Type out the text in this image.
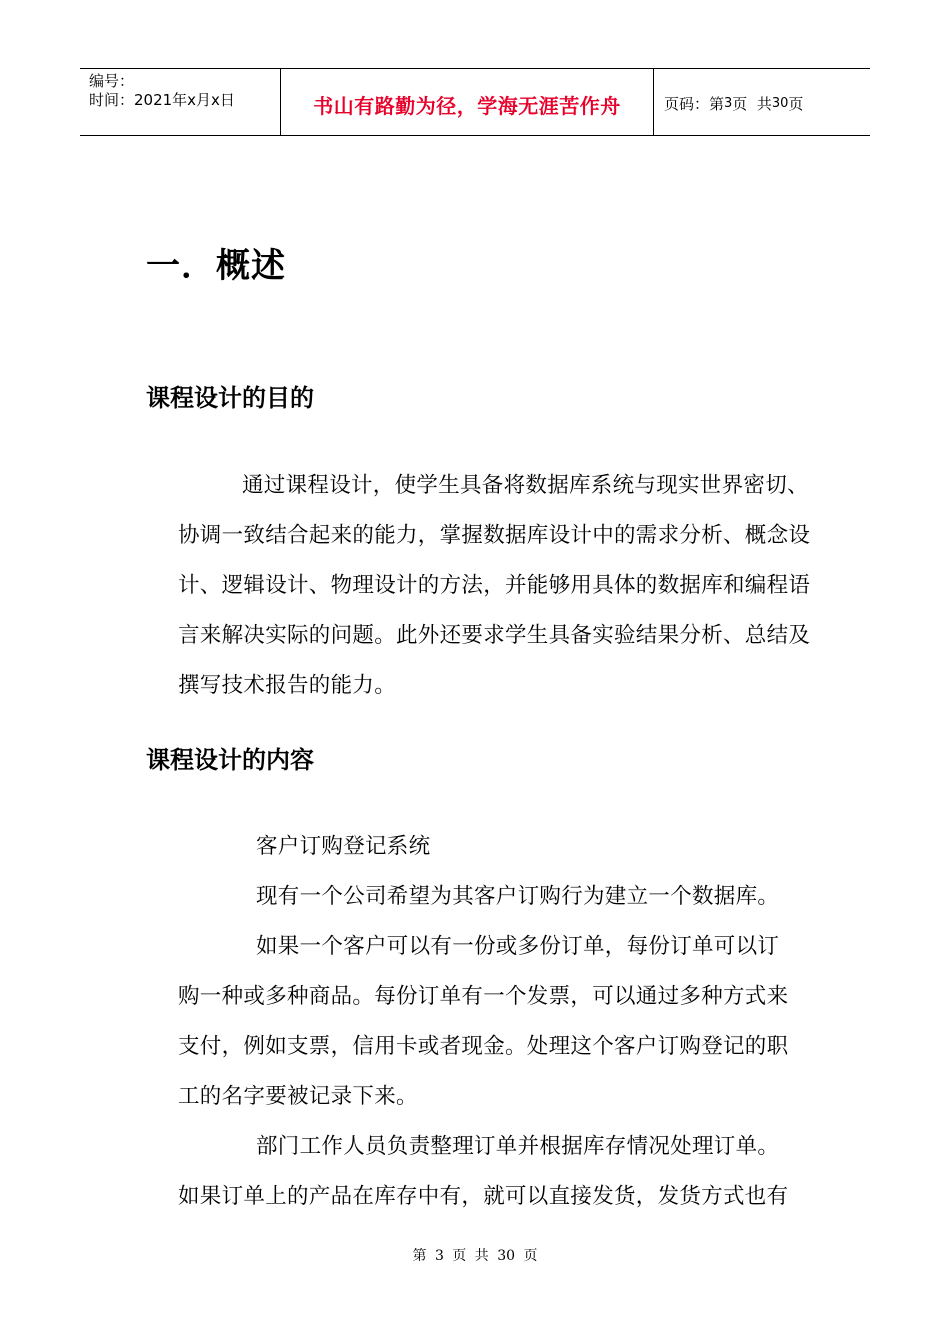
编号：
时间：2021年x月x日	书山有路勤为径，学海无涯苦作舟	页码：第 3 页  共 30 页
一．概述
课程设计的目的
通过课程设计，使学生具备将数据库系统与现实世界密切、协调一致结合起来的能力，掌握数据库设计中的需求分析、概念设计、逻辑设计、物理设计的方法，并能够用具体的数据库和编程语言来解决实际的问题。此外还要求学生具备实验结果分析、总结及撰写技术报告的能力。
课程设计的内容
客户订购登记系统
现有一个公司希望为其客户订购行为建立一个数据库。
如果一个客户可以有一份或多份订单，每份订单可以订
购一种或多种商品。每份订单有一个发票，可以通过多种方式来
支付，例如支票，信用卡或者现金。处理这个客户订购登记的职
工的名字要被记录下来。
部门工作人员负责整理订单并根据库存情况处理订单。
如果订单上的产品在库存中有，就可以直接发货，发货方式也有
第 3 页 共 30 页
